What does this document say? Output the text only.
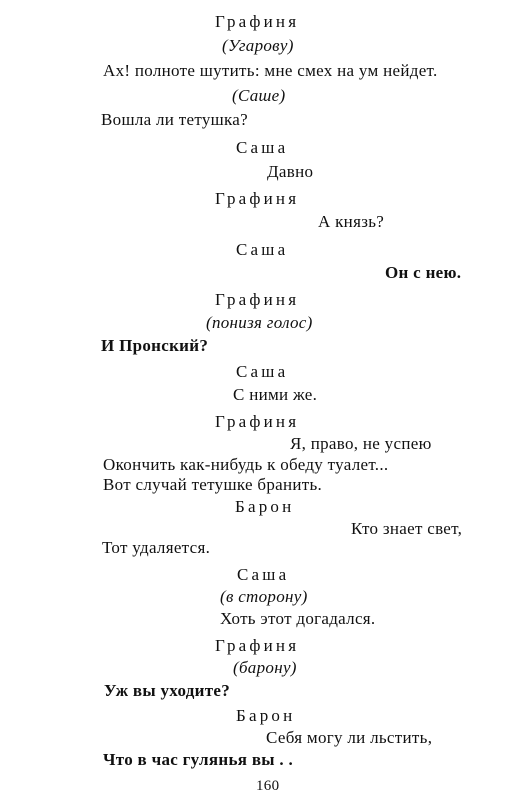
Графиня
(Угарову)
Ах! полноте шутить: мне смех на ум нейдет.
(Саше)
Вошла ли тетушка?
Саша
Давно
Графиня
А князь?
Саша
Он с нею.
Графиня
(понизя голос)
И Пронский?
Саша
С ними же.
Графиня
Я, право, не успею
Окончить как-нибудь к обеду туалет...
Вот случай тетушке бранить.
Барон
Кто знает свет,
Тот удаляется.
Саша
(в сторону)
Хоть этот догадался.
Графиня
(барону)
Уж вы уходите?
Барон
Себя могу ли льстить,
Что в час гулянья вы . .
160
